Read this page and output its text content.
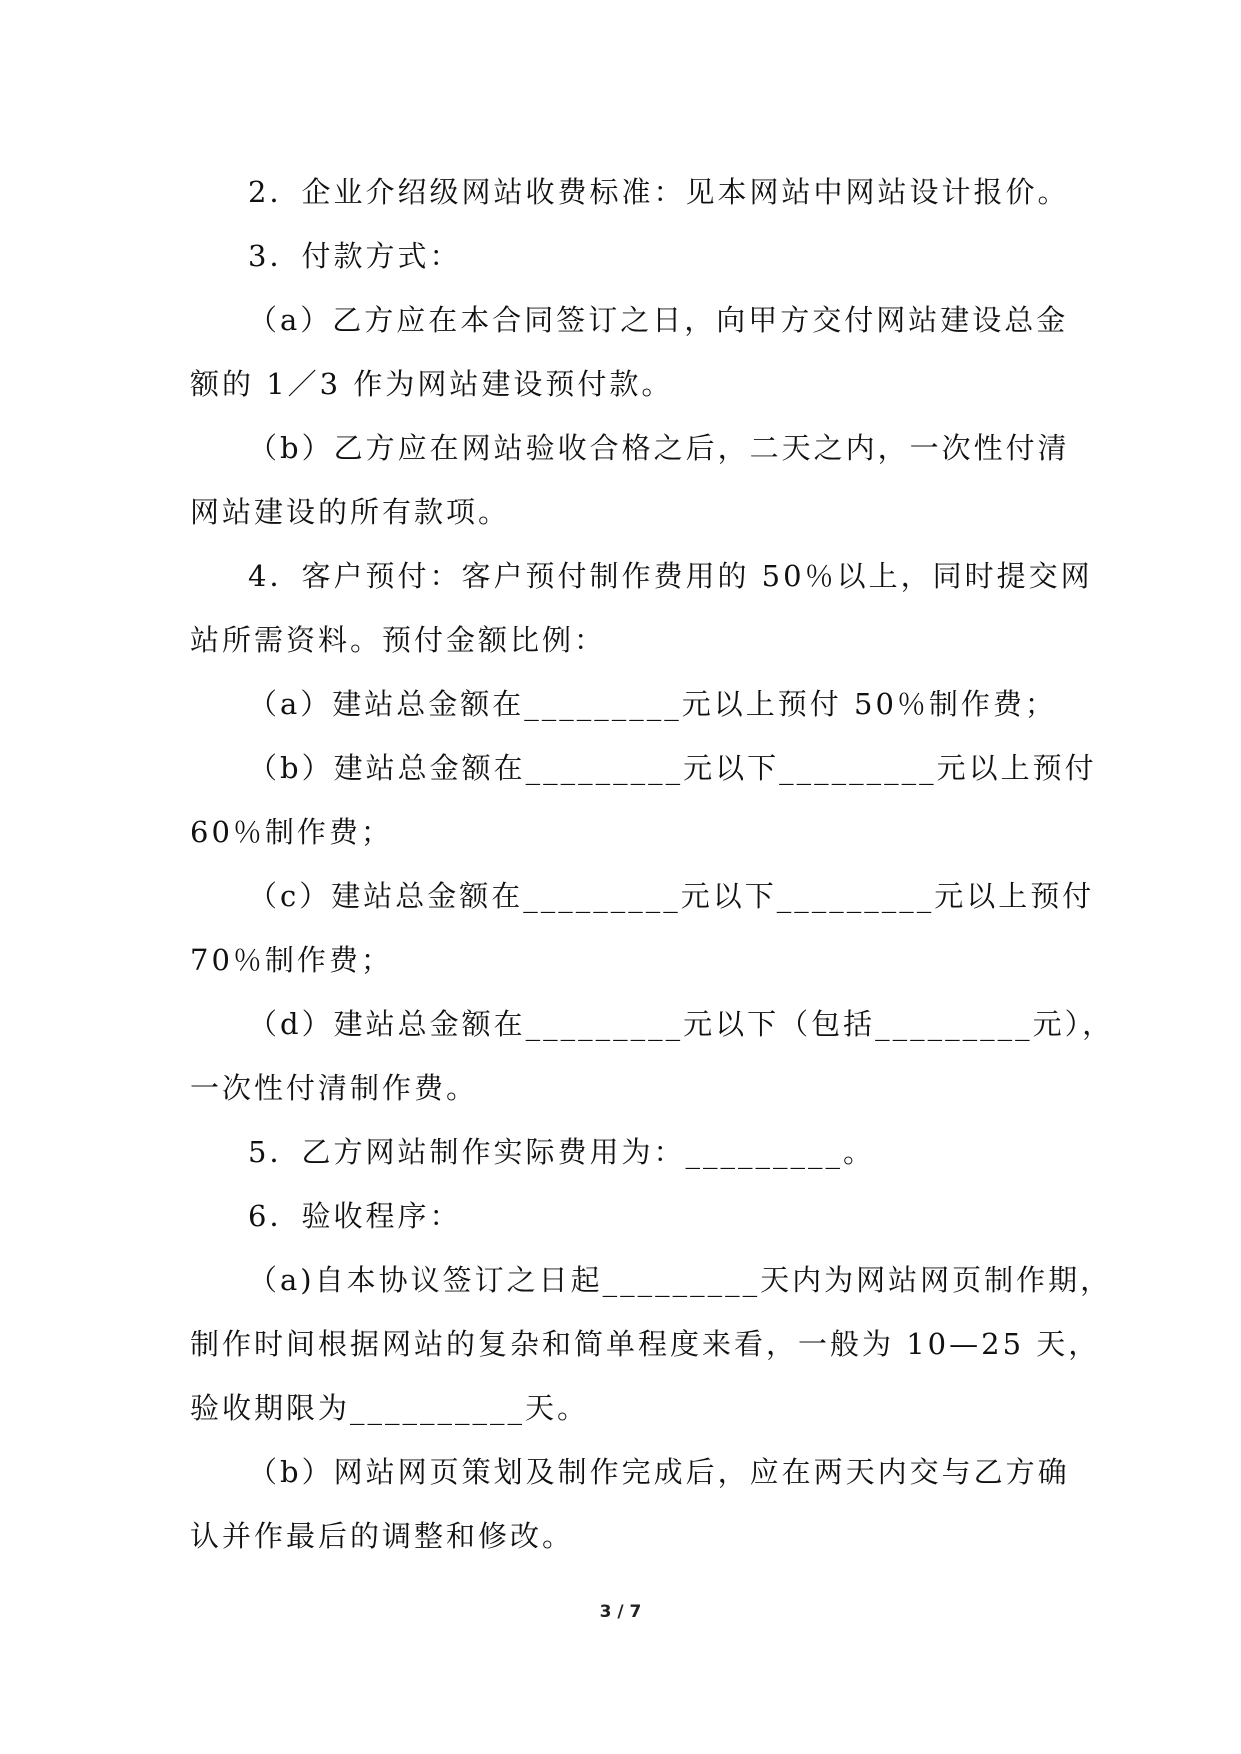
2．企业介绍级网站收费标准：见本网站中网站设计报价。

3．付款方式：

（a）乙方应在本合同签订之日，向甲方交付网站建设总金

额的 1／3 作为网站建设预付款。

（b）乙方应在网站验收合格之后，二天之内，一次性付清

网站建设的所有款项。

4．客户预付：客户预付制作费用的 50％以上，同时提交网

站所需资料。预付金额比例：

（a）建站总金额在_________元以上预付 50％制作费；

（b）建站总金额在_________元以下_________元以上预付

60％制作费；

（c）建站总金额在_________元以下_________元以上预付

70％制作费；

（d）建站总金额在_________元以下（包括_________元），

一次性付清制作费。

5．乙方网站制作实际费用为：_________。

6．验收程序：

（a)自本协议签订之日起_________天内为网站网页制作期，

制作时间根据网站的复杂和简单程度来看，一般为 10—25 天，

验收期限为__________天。

（b）网站网页策划及制作完成后，应在两天内交与乙方确

认并作最后的调整和修改。

3 / 7
